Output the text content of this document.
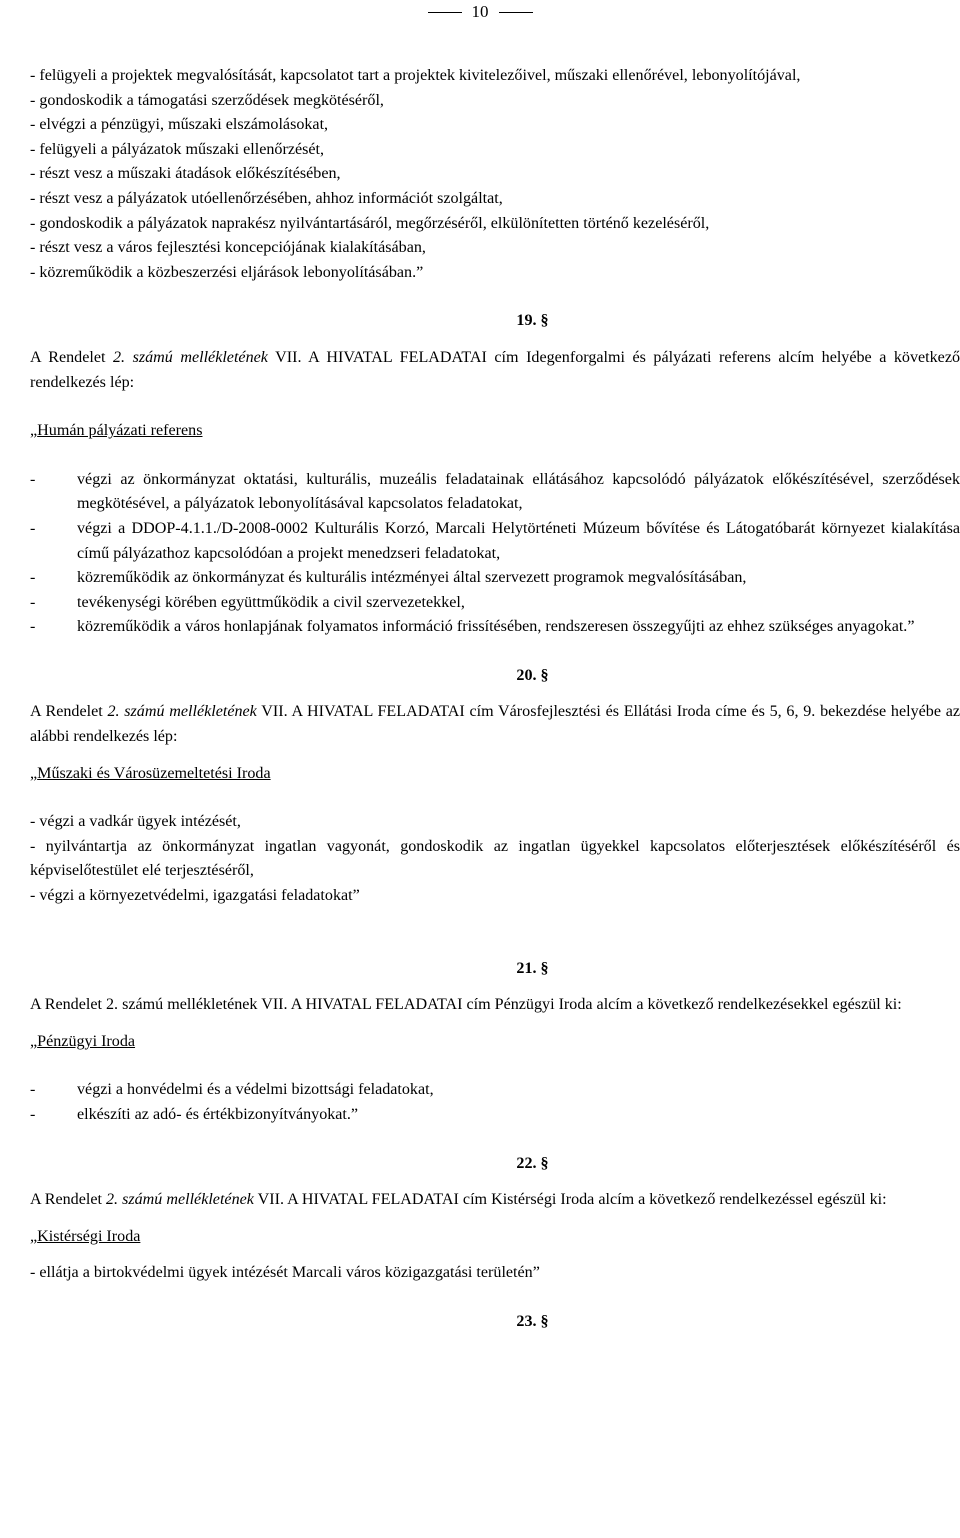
10

- felügyeli a projektek megvalósítását, kapcsolatot tart a projektek kivitelezőivel, műszaki ellenőrével, lebonyolítójával,

- gondoskodik a támogatási szerződések megkötéséről,

- elvégzi a pénzügyi, műszaki elszámolásokat,

- felügyeli a pályázatok műszaki ellenőrzését,

- részt vesz a műszaki átadások előkészítésében,

- részt vesz a pályázatok utóellenőrzésében, ahhoz információt szolgáltat,

- gondoskodik a pályázatok naprakész nyilvántartásáról, megőrzéséről, elkülönítetten történő kezeléséről,

- részt vesz a város fejlesztési koncepciójának kialakításában,

- közreműködik a közbeszerzési eljárások lebonyolításában.”

19. §

A Rendelet 2. számú mellékletének VII. A HIVATAL FELADATAI cím Idegenforgalmi és pályázati referens alcím helyébe a következő rendelkezés lép:

„Humán pályázati referens

-	végzi az önkormányzat oktatási, kulturális, muzeális feladatainak ellátásához kapcsolódó pályázatok előkészítésével, szerződések megkötésével, a pályázatok lebonyolításával kapcsolatos feladatokat,
-	végzi a DDOP-4.1.1./D-2008-0002 Kulturális Korzó, Marcali Helytörténeti Múzeum bővítése és Látogatóbarát környezet kialakítása című pályázathoz kapcsolódóan a projekt menedzseri feladatokat,
-	közreműködik az önkormányzat és kulturális intézményei által szervezett programok megvalósításában,
-	tevékenységi körében együttműködik a civil szervezetekkel,
-	közreműködik a város honlapjának folyamatos információ frissítésében, rendszeresen összegyűjti az ehhez szükséges anyagokat.”

20. §

A Rendelet 2. számú mellékletének VII. A HIVATAL FELADATAI cím Városfejlesztési és Ellátási Iroda címe és 5, 6, 9. bekezdése helyébe az alábbi rendelkezés lép:

„Műszaki és Városüzemeltetési Iroda

- végzi a vadkár ügyek intézését,

- nyilvántartja az önkormányzat ingatlan vagyonát, gondoskodik az ingatlan ügyekkel kapcsolatos előterjesztések előkészítéséről és képviselőtestület elé terjesztéséről,

- végzi a környezetvédelmi, igazgatási feladatokat”

21. §

A Rendelet 2. számú mellékletének VII. A HIVATAL FELADATAI cím Pénzügyi Iroda alcím a következő rendelkezésekkel egészül ki:

„Pénzügyi Iroda

-	végzi a honvédelmi és a védelmi bizottsági feladatokat,
-	elkészíti az adó- és értékbizonyítványokat.”

22. §

A Rendelet 2. számú mellékletének VII. A HIVATAL FELADATAI cím Kistérségi Iroda alcím a következő rendelkezéssel egészül ki:

„Kistérségi Iroda

- ellátja a birtokvédelmi ügyek intézését Marcali város közigazgatási területén”

23. §
